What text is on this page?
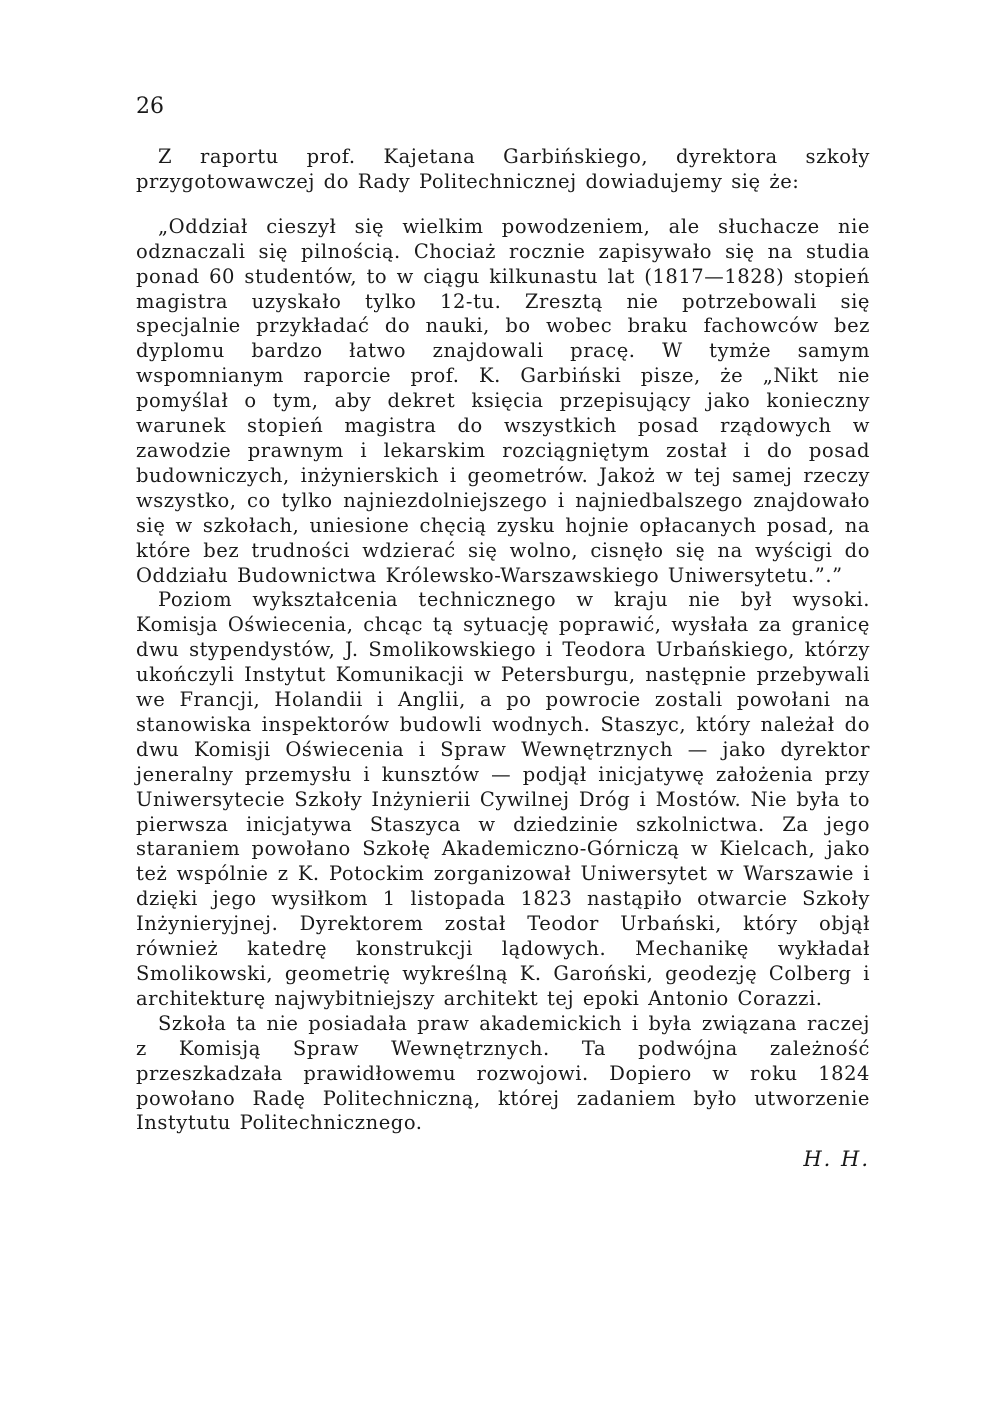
26

Z raportu prof. Kajetana Garbińskiego, dyrektora szkoły przygotowawczej do Rady Politechnicznej dowiadujemy się że:

„Oddział cieszył się wielkim powodzeniem, ale słuchacze nie odznaczali się pilnością. Chociaż rocznie zapisywało się na studia ponad 60 studentów, to w ciągu kilkunastu lat (1817—1828) stopień magistra uzyskało tylko 12-tu. Zresztą nie potrzebowali się specjalnie przykładać do nauki, bo wobec braku fachowców bez dyplomu bardzo łatwo znajdowali pracę. W tymże samym wspomnianym raporcie prof. K. Garbiński pisze, że „Nikt nie pomyślał o tym, aby dekret księcia przepisujący jako konieczny warunek stopień magistra do wszystkich posad rządowych w zawodzie prawnym i lekarskim rozciągniętym został i do posad budowniczych, inżynierskich i geometrów. Jakoż w tej samej rzeczy wszystko, co tylko najniezdolniejszego i najniedbalszego znajdowało się w szkołach, uniesione chęcią zysku hojnie opłacanych posad, na które bez trudności wdzierać się wolno, cisnęło się na wyścigi do Oddziału Budownictwa Królewsko-Warszawskiego Uniwersytetu.”.”

Poziom wykształcenia technicznego w kraju nie był wysoki. Komisja Oświecenia, chcąc tą sytuację poprawić, wysłała za granicę dwu stypendystów, J. Smolikowskiego i Teodora Urbańskiego, którzy ukończyli Instytut Komunikacji w Petersburgu, następnie przebywali we Francji, Holandii i Anglii, a po powrocie zostali powołani na stanowiska inspektorów budowli wodnych. Staszyc, który należał do dwu Komisji Oświecenia i Spraw Wewnętrznych — jako dyrektor jeneralny przemysłu i kunsztów — podjął inicjatywę założenia przy Uniwersytecie Szkoły Inżynierii Cywilnej Dróg i Mostów. Nie była to pierwsza inicjatywa Staszyca w dziedzinie szkolnictwa. Za jego staraniem powołano Szkołę Akademiczno-Górniczą w Kielcach, jako też wspólnie z K. Potockim zorganizował Uniwersytet w Warszawie i dzięki jego wysiłkom 1 listopada 1823 nastąpiło otwarcie Szkoły Inżynieryjnej. Dyrektorem został Teodor Urbański, który objął również katedrę konstrukcji lądowych. Mechanikę wykładał Smolikowski, geometrię wykreślną K. Garoński, geodezję Colberg i architekturę najwybitniejszy architekt tej epoki Antonio Corazzi.

Szkoła ta nie posiadała praw akademickich i była związana raczej z Komisją Spraw Wewnętrznych. Ta podwójna zależność przeszkadzała prawidłowemu rozwojowi. Dopiero w roku 1824 powołano Radę Politechniczną, której zadaniem było utworzenie Instytutu Politechnicznego.

H. H.
